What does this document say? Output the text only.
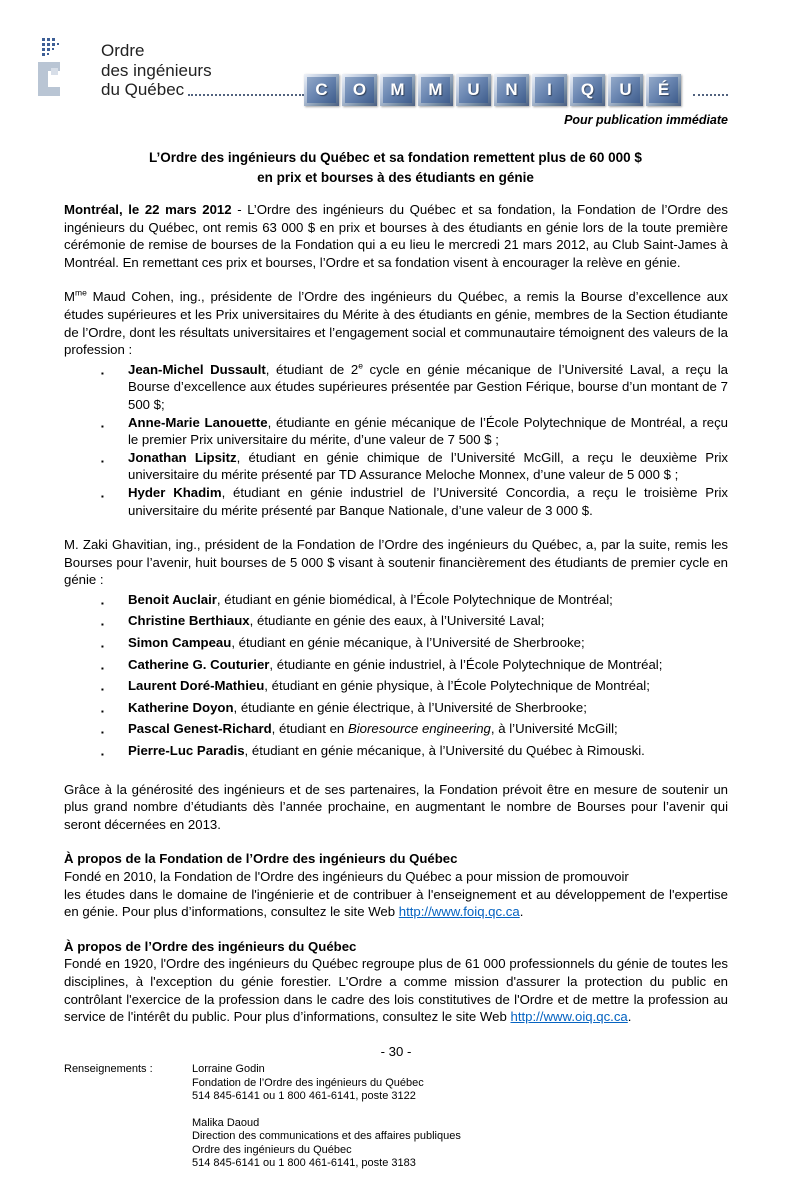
Ordre
des ingénieurs
du Québec	C	O	M	M	U	N	I	Q	U	É
Pour publication immédiate
L’Ordre des ingénieurs du Québec et sa fondation remettent plus de 60 000 $
en prix et bourses à des étudiants en génie

Montréal, le 22 mars 2012 - L’Ordre des ingénieurs du Québec et sa fondation, la Fondation de l’Ordre des ingénieurs du Québec, ont remis 63 000 $ en prix et bourses à des étudiants en génie lors de la toute première cérémonie de remise de bourses de la Fondation qui a eu lieu le mercredi 21 mars 2012, au Club Saint-James à Montréal. En remettant ces prix et bourses, l’Ordre et sa fondation visent à encourager la relève en génie.

$M^{me}$ Maud Cohen, ing., présidente de l’Ordre des ingénieurs du Québec, a remis la Bourse d’excellence aux études supérieures et les Prix universitaires du Mérite à des étudiants en génie, membres de la Section étudiante de l’Ordre, dont les résultats universitaires et l’engagement social et communautaire témoignent des valeurs de la profession :

▪	Jean-Michel Dussault, étudiant de 2e cycle en génie mécanique de l’Université Laval, a reçu la Bourse d’excellence aux études supérieures présentée par Gestion Férique, bourse d’un montant de 7 500 $;
▪	Anne-Marie Lanouette, étudiante en génie mécanique de l’École Polytechnique de Montréal, a reçu le premier Prix universitaire du mérite, d’une valeur de 7 500 $ ;
▪	Jonathan Lipsitz, étudiant en génie chimique de l’Université McGill, a reçu le deuxième Prix universitaire du mérite présenté par TD Assurance Meloche Monnex, d’une valeur de 5 000 $ ;
▪	Hyder Khadim, étudiant en génie industriel de l’Université Concordia, a reçu le troisième Prix universitaire du mérite présenté par Banque Nationale, d’une valeur de 3 000 $.

M. Zaki Ghavitian, ing., président de la Fondation de l’Ordre des ingénieurs du Québec, a, par la suite, remis les Bourses pour l’avenir, huit bourses de 5 000 $ visant à soutenir financièrement des étudiants de premier cycle en génie :

▪	Benoit Auclair, étudiant en génie biomédical, à l’École Polytechnique de Montréal;
▪	Christine Berthiaux, étudiante en génie des eaux, à l’Université Laval;
▪	Simon Campeau, étudiant en génie mécanique, à l’Université de Sherbrooke;
▪	Catherine G. Couturier, étudiante en génie industriel, à l’École Polytechnique de Montréal;
▪	Laurent Doré-Mathieu, étudiant en génie physique, à l’École Polytechnique de Montréal;
▪	Katherine Doyon, étudiante en génie électrique, à l’Université de Sherbrooke;
▪	Pascal Genest-Richard, étudiant en Bioresource engineering, à l’Université McGill;
▪	Pierre-Luc Paradis, étudiant en génie mécanique, à l’Université du Québec à Rimouski.

Grâce à la générosité des ingénieurs et de ses partenaires, la Fondation prévoit être en mesure de soutenir un plus grand nombre d’étudiants dès l’année prochaine, en augmentant le nombre de Bourses pour l’avenir qui seront décernées en 2013.

À propos de la Fondation de l’Ordre des ingénieurs du Québec

Fondé en 2010, la Fondation de l'Ordre des ingénieurs du Québec a pour mission de promouvoir
les études dans le domaine de l'ingénierie et de contribuer à l'enseignement et au développement de l'expertise en génie. Pour plus d’informations, consultez le site Web http://www.foiq.qc.ca.

À propos de l’Ordre des ingénieurs du Québec

Fondé en 1920, l'Ordre des ingénieurs du Québec regroupe plus de 61 000 professionnels du génie de toutes les disciplines, à l'exception du génie forestier. L'Ordre a comme mission d'assurer la protection du public en contrôlant l'exercice de la profession dans le cadre des lois constitutives de l'Ordre et de mettre la profession au service de l'intérêt du public. Pour plus d’informations, consultez le site Web http://www.oiq.qc.ca.

- 30 -
Renseignements :	Lorraine Godin
Fondation de l’Ordre des ingénieurs du Québec
514 845-6141 ou 1 800 461-6141, poste 3122
Malika Daoud
Direction des communications et des affaires publiques
Ordre des ingénieurs du Québec
514 845-6141 ou 1 800 461-6141, poste 3183
